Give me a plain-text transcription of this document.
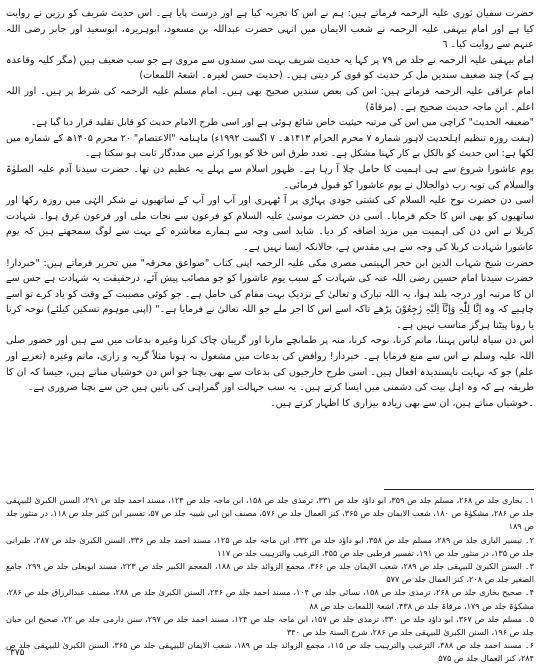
حضرت سفیان ثوری علیہ الرحمہ فرماتے ہیں: ہم نے اس کا تجربہ کیا ہے اور درست پایا ہے۔ اس حدیث شریف کو رزین نے روایت کیا ہے اور امام بیہقی علیہ الرحمہ نے شعب الایمان میں انہی حضرت عبداللہ بن مسعود، ابوہریرہ، ابوسعید اور جابر رضی اللہ عنہم سے روایت کیا۔ ٦

امام بیہقی علیہ الرحمہ نے جلد ص ۷۹ پر کہا یہ حدیث شریف بہت سی سندوں سے مروی ہے جو سب ضعیف ہیں (مگر کلیہ وقاعدہ ہے کہ) چند ضعیف سندیں مل کر حدیث کو قوی کر دیتی ہیں۔ (حدیث حسن لغیرہ۔ اشعۃ اللمعات)

امام عراقی علیہ الرحمہ فرماتے ہیں: اس کی بعض سندیں صحیح بھی ہیں۔ امام مسلم علیہ الرحمہ کی شرط پر ہیں۔ اور اللہ اعلم۔ ابن ماجہ حدیث صحیح ہے۔ (مرقاۃ)

"ضعیفہ الحدیث" کراچی میں اس کی مرتبہ حیثیت خاص شائع ہوئی ہے اور اسی طرح الامام حدیث کو قابل تقلید قرار دیا گیا ہے۔

(ہفت روزہ تنظیم اہلحدیث لاہور شمارہ ۷ محرم الحرام ۱۴۱۳ھ۔ ۷ اگست ۱۹۹۲ء) ماہنامہ "الاعتصام" ۲۰ محرم ۱۴۰۵ھ کے شمارہ میں لکھا ہے: اس حدیث کو بالکل بے کار کہنا مشکل ہے۔ تعدد طرق اس خلا کو پورا کرنے میں مددگار ثابت ہو سکتا ہے۔

یوم عاشورا شروع سے ہی اہمیت کا حامل چلا آ رہا ہے۔ ظہور اسلام سے پہلے یہ عظیم دن تھا۔ حضرت سیدنا آدم علیہ الصلوٰۃ والسلام کی توبہ رب ذوالجلال نے یوم عاشورا کو قبول فرمائی۔

اسی دن حضرت نوح علیہ السلام کی کشتی جودی پہاڑی پر آ ٹھہری اور آپ اور آپ کے ساتھیوں نے شکر الہٰی میں روزہ رکھا اور ساتھیوں کو بھی اس کا حکم فرمایا۔ اسی دن حضرت موسیٰ علیہ السلام کو فرعون سے نجات ملی اور فرعون غرق ہوا۔ شہادت کربلا نے اس دن کی اہمیت میں مزید اضافہ کر دیا۔ شاید اسی وجہ سے ہمارے معاشرہ کے بہت سے لوگ سمجھتے ہیں کہ یوم عاشورا شہادت کربلا کی وجہ سے ہی مقدس ہے، حالانکہ ایسا نہیں ہے۔

حضرت شیخ شہاب الدین ابن حجر الہیتمی مصری مکی علیہ الرحمہ اپنی کتاب "صواعق محرقہ" میں تحریر فرماتے ہیں: "خبردار! حضرت سیدنا امام حسین رضی اللہ عنہ کی شہادت کے سبب یوم عاشورا کو جو مصائب پیش آئے، درحقیقت یہ شہادت ہے جس سے ان کا مرتبہ اور درجہ بلند ہوا، یہ اللہ تبارک و تعالیٰ کے نزدیک بہت مقام کی حامل ہے۔ جو کوئی مصیبت کے وقت کو یاد کرے تو اسے چاہیے کہ وہ اِنَّا لِلّٰہِ وَاِنَّآ اِلَیْہِ رٰجِعُوْنَ پڑھے تاکہ اسے اس کا اجر ملے جو اللہ تعالیٰ نے فرمایا ہے۔" (اپنی موہوم تسکین کیلئے) نوحہ کرنا یا رونا پیٹنا ہرگز مناسب نہیں ہے۔

اس دن سیاہ لباس پہننا، ماتم کرنا، نوحہ کرنا، منہ پر طمانچے مارنا اور گریبان چاک کرنا وغیرہ بدعات میں سے ہیں اور حضور صلی اللہ علیہ وسلم نے اس سے منع فرمایا ہے۔ خبردار! روافض کی بدعات میں مشغول نہ ہونا مثلاً گریہ و زاری، ماتم وغیرہ (تعزیے اور علم) جو کہ نہایت ناپسندیدہ افعال ہیں۔ اسی طرح خارجیوں کی بدعات سے بھی بچنا جو اس دن خوشیاں مناتے ہیں، جیسا کہ ان کا طریقہ ہے کہ وہ اہل بیت کی دشمنی میں ایسا کرتے ہیں۔ یہ سب جہالت اور گمراہی کی باتیں ہیں جن سے بچنا ضروری ہے۔

۔خوشیاں مناتے ہیں، ان سے بھی زیادہ بیزاری کا اظہار کرتے ہیں۔

۱۔ بخاری جلد ص ۲۶۸، مسلم جلد ص ۳۵۹، ابو داؤد جلد ص ۳۳۱، ترمذی جلد ص ۱۵۸، ابن ماجہ جلد ص ۱۲۴، مسند احمد جلد ص ۲۹۱، السنن الکبریٰ للبیہقی جلد ص ۲۸۶، مشکوٰۃ ص ۱۸۰، شعب الایمان جلد ص ۳۶۵، کنز العمال جلد ص ۵۷۶، مصنف ابن ابی شیبہ جلد ص ۵۷، تفسیر ابن کثیر جلد ص ۱۱۸، در منثور جلد ص ۱۸۹

۲۔ تیسیر الباری جلد ص ۲۸۹، مسلم جلد ص ۳۵۸، ابو داؤد جلد ص ۳۳۲، ابن ماجہ جلد ص ۱۲۵، مسند احمد جلد ص ۳۳۶، السنن الکبریٰ جلد ص ۲۸۷، طبرانی جلد ص ۱۳۵، در منثور جلد ص ۱۹۱، تفسیر قرطبی جلد ص ۴۵۵، الترغیب والترہیب جلد ص ۱۱۷

۳۔ السنن الکبریٰ للبیہقی جلد ص ۲۸۹، شعب الایمان جلد ص ۳۶۶، مجمع الزوائد جلد ص ۱۸۸، المعجم الکبیر جلد ص ۲۲۳، مسند ابویعلی جلد ص ۲۹۹، جامع الصغیر جلد ص ۲۰۸، کنز العمال جلد ص ۵۷۷

۴۔ صحیح بخاری جلد ص ۲۶۸، ترمذی جلد ص ۱۵۸، نسائی جلد ص ۱۰۴، مسند احمد جلد ص ۲۴۶، السنن الکبریٰ جلد ص ۲۸۸، مصنف عبدالرزاق جلد ص ۲۸۶، مشکوٰۃ جلد ص ۱۷۹، مرقاۃ جلد ص ۴۳۸، اشعۃ اللمعات جلد ص ۸۸

۵۔ مسلم جلد ص ۳۶۷، ابو داؤد جلد ص ۳۳۰، ترمذی جلد ص ۱۵۷، ابن ماجہ جلد ص ۱۲۴، مسند احمد جلد ص ۲۹۷، سنن دارمی جلد ص ۲۲، صحیح ابن حبان جلد ص ۱۹۶، السنن الکبریٰ للبیہقی جلد ص ۲۸۶، شرح السنۃ جلد ص ۳۴۰

۶۔ مسند احمد جلد ص ۳۸۸، الترغیب والترہیب جلد ص ۱۱۵، مجمع الزوائد جلد ص ۱۸۹، شعب الایمان للبیہقی جلد ص ۳۶۵، السنن الکبریٰ للبیہقی جلد ص ۲۸۴، کنز العمال جلد ص ۵۷۵

۳۷۵
